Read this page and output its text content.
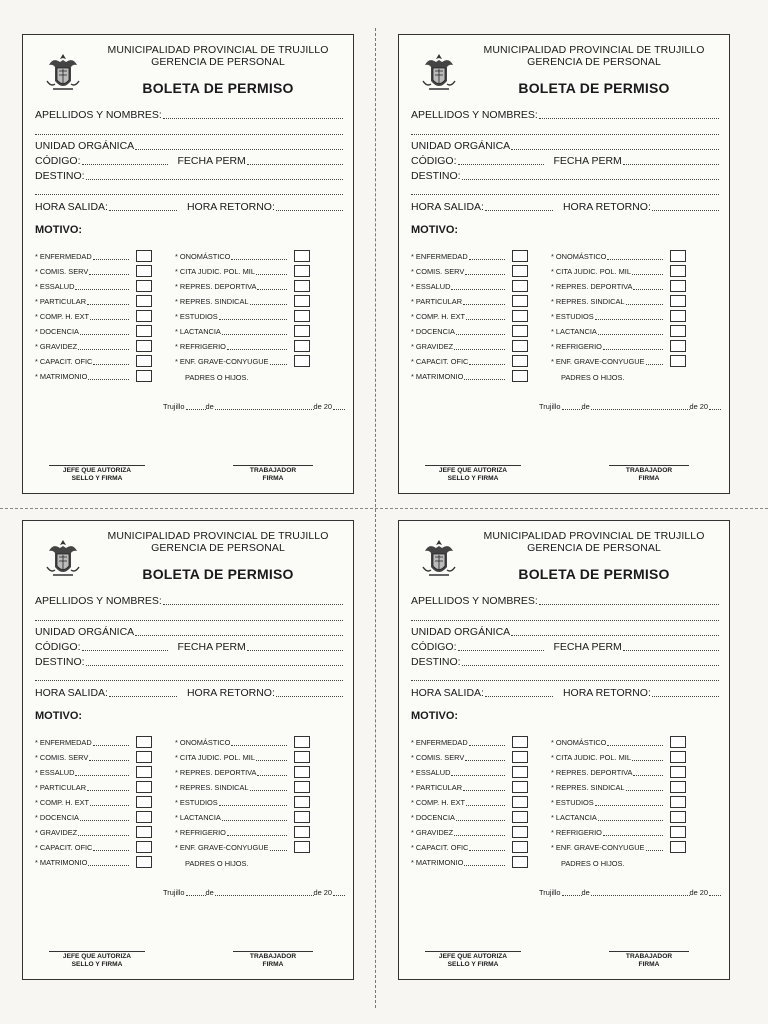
MUNICIPALIDAD PROVINCIAL DE TRUJILLO
GERENCIA DE PERSONAL
BOLETA DE PERMISO
APELLIDOS Y NOMBRES:
UNIDAD ORGÁNICA
CÓDIGO:	FECHA PERM
DESTINO:
HORA SALIDA:	HORA RETORNO:
MOTIVO:
* ENFERMEDAD
* COMIS. SERV
* ESSALUD
* PARTICULAR
* COMP. H. EXT
* DOCENCIA
* GRAVIDEZ
* CAPACIT. OFIC
* MATRIMONIO
* ONOMÁSTICO
* CITA JUDIC. POL. MIL
* REPRES. DEPORTIVA
* REPRES. SINDICAL
* ESTUDIOS
* LACTANCIA
* REFRIGERIO
* ENF. GRAVE-CONYUGUE
PADRES O HIJOS.
Trujillo	de	de 20
JEFE QUE AUTORIZA
SELLO Y FIRMA
TRABAJADOR
FIRMA
MUNICIPALIDAD PROVINCIAL DE TRUJILLO
GERENCIA DE PERSONAL
BOLETA DE PERMISO
APELLIDOS Y NOMBRES:
UNIDAD ORGÁNICA
CÓDIGO:	FECHA PERM
DESTINO:
HORA SALIDA:	HORA RETORNO:
MOTIVO:
* ENFERMEDAD
* COMIS. SERV
* ESSALUD
* PARTICULAR
* COMP. H. EXT
* DOCENCIA
* GRAVIDEZ
* CAPACIT. OFIC
* MATRIMONIO
* ONOMÁSTICO
* CITA JUDIC. POL. MIL
* REPRES. DEPORTIVA
* REPRES. SINDICAL
* ESTUDIOS
* LACTANCIA
* REFRIGERIO
* ENF. GRAVE-CONYUGUE
PADRES O HIJOS.
Trujillo	de	de 20
JEFE QUE AUTORIZA
SELLO Y FIRMA
TRABAJADOR
FIRMA
MUNICIPALIDAD PROVINCIAL DE TRUJILLO
GERENCIA DE PERSONAL
BOLETA DE PERMISO
APELLIDOS Y NOMBRES:
UNIDAD ORGÁNICA
CÓDIGO:	FECHA PERM
DESTINO:
HORA SALIDA:	HORA RETORNO:
MOTIVO:
* ENFERMEDAD
* COMIS. SERV
* ESSALUD
* PARTICULAR
* COMP. H. EXT
* DOCENCIA
* GRAVIDEZ
* CAPACIT. OFIC
* MATRIMONIO
* ONOMÁSTICO
* CITA JUDIC. POL. MIL
* REPRES. DEPORTIVA
* REPRES. SINDICAL
* ESTUDIOS
* LACTANCIA
* REFRIGERIO
* ENF. GRAVE-CONYUGUE
PADRES O HIJOS.
Trujillo	de	de 20
JEFE QUE AUTORIZA
SELLO Y FIRMA
TRABAJADOR
FIRMA
MUNICIPALIDAD PROVINCIAL DE TRUJILLO
GERENCIA DE PERSONAL
BOLETA DE PERMISO
APELLIDOS Y NOMBRES:
UNIDAD ORGÁNICA
CÓDIGO:	FECHA PERM
DESTINO:
HORA SALIDA:	HORA RETORNO:
MOTIVO:
* ENFERMEDAD
* COMIS. SERV
* ESSALUD
* PARTICULAR
* COMP. H. EXT
* DOCENCIA
* GRAVIDEZ
* CAPACIT. OFIC
* MATRIMONIO
* ONOMÁSTICO
* CITA JUDIC. POL. MIL
* REPRES. DEPORTIVA
* REPRES. SINDICAL
* ESTUDIOS
* LACTANCIA
* REFRIGERIO
* ENF. GRAVE-CONYUGUE
PADRES O HIJOS.
Trujillo	de	de 20
JEFE QUE AUTORIZA
SELLO Y FIRMA
TRABAJADOR
FIRMA
